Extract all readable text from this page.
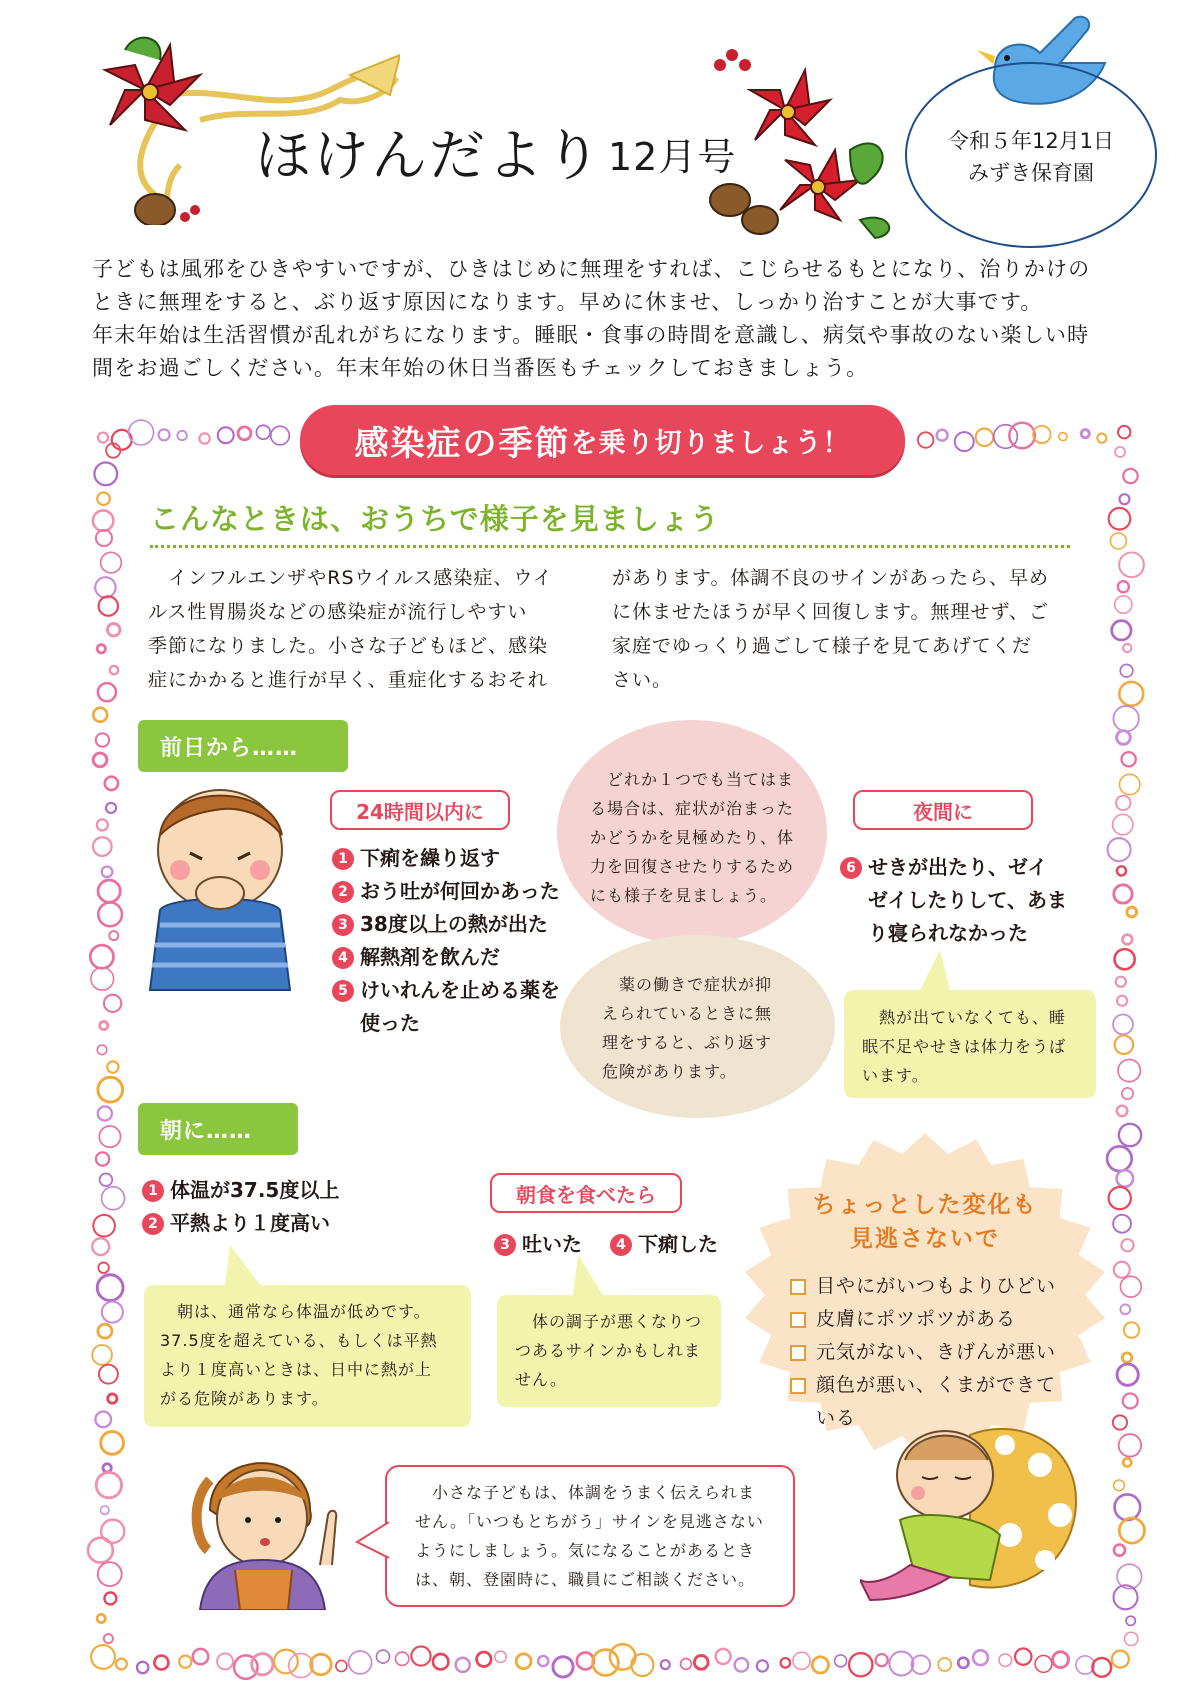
ほけんだより 12月号	令和５年12月1日
みずき保育園

子どもは風邪をひきやすいですが、ひきはじめに無理をすれば、こじらせるもとになり、治りかけの

ときに無理をすると、ぶり返す原因になります。早めに休ませ、しっかり治すことが大事です。

年末年始は生活習慣が乱れがちになります。睡眠・食事の時間を意識し、病気や事故のない楽しい時

間をお過ごしください。年末年始の休日当番医もチェックしておきましょう。

感染症の季節 を乗り切りましょう！
こんなときは、おうちで様子を見ましょう

　インフルエンザやRSウイルス感染症、ウイ

ルス性胃腸炎などの感染症が流行しやすい

季節になりました。小さな子どもほど、感染

症にかかると進行が早く、重症化するおそれ

があります。体調不良のサインがあったら、早め

に休ませたほうが早く回復します。無理せず、ご

家庭でゆっくり過ごして様子を見てあげてくだ

さい。

前日から……
24時間以内に
1 下痢を繰り返す
2 おう吐が何回かあった
3 38度以上の熱が出た
4 解熱剤を飲んだ
5 けいれんを止める薬を
使った

　どれか１つでも当てはま

る場合は、症状が治まった

かどうかを見極めたり、体

力を回復させたりするため

にも様子を見ましょう。

　薬の働きで症状が抑

えられているときに無

理をすると、ぶり返す

危険があります。

夜間に
6 せきが出たり、ゼイ
ゼイしたりして、あま
り寝られなかった

　熱が出ていなくても、睡

眠不足やせきは体力をうば

います。

朝に……
1 体温が37.5度以上
2 平熱より１度高い

　朝は、通常なら体温が低めです。

37.5度を超えている、もしくは平熱

より１度高いときは、日中に熱が上

がる危険があります。

朝食を食べたら
3 吐いた	4 下痢した

　体の調子が悪くなりつ

つあるサインかもしれま

せん。

ちょっとした変化も
見逃さないで
目やにがいつもよりひどい
皮膚にポツポツがある
元気がない、きげんが悪い
顔色が悪い、くまができて
いる

　小さな子どもは、体調をうまく伝えられま

せん。「いつもとちがう」サインを見逃さない

ようにしましょう。気になることがあるとき

は、朝、登園時に、職員にご相談ください。
